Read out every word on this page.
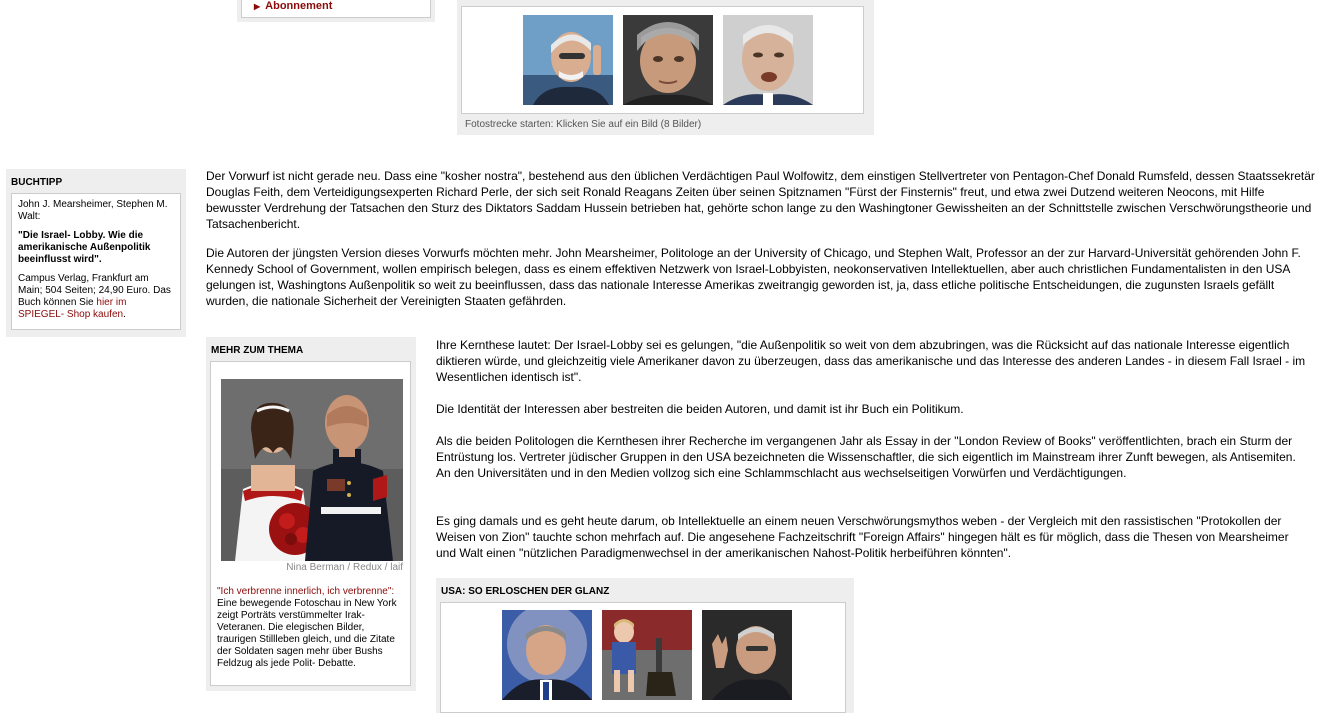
▶ Abonnement
Fotostrecke starten: Klicken Sie auf ein Bild (8 Bilder)
BUCHTIPP

John J. Mearsheimer, Stephen M. Walt:

"Die Israel- Lobby. Wie die amerikanische Außenpolitik beeinflusst wird".

Campus Verlag, Frankfurt am Main; 504 Seiten; 24,90 Euro. Das Buch können Sie hier im SPIEGEL- Shop kaufen.

Der Vorwurf ist nicht gerade neu. Dass eine "kosher nostra", bestehend aus den üblichen Verdächtigen Paul Wolfowitz, dem einstigen Stellvertreter von Pentagon-Chef Donald Rumsfeld, dessen Staatssekretär Douglas Feith, dem Verteidigungsexperten Richard Perle, der sich seit Ronald Reagans Zeiten über seinen Spitznamen "Fürst der Finsternis" freut, und etwa zwei Dutzend weiteren Neocons, mit Hilfe bewusster Verdrehung der Tatsachen den Sturz des Diktators Saddam Hussein betrieben hat, gehörte schon lange zu den Washingtoner Gewissheiten an der Schnittstelle zwischen Verschwörungstheorie und Tatsachenbericht.

Die Autoren der jüngsten Version dieses Vorwurfs möchten mehr. John Mearsheimer, Politologe an der University of Chicago, und Stephen Walt, Professor an der zur Harvard-Universität gehörenden John F. Kennedy School of Government, wollen empirisch belegen, dass es einem effektiven Netzwerk von Israel-Lobbyisten, neokonservativen Intellektuellen, aber auch christlichen Fundamentalisten in den USA gelungen ist, Washingtons Außenpolitik so weit zu beeinflussen, dass das nationale Interesse Amerikas zweitrangig geworden ist, ja, dass etliche politische Entscheidungen, die zugunsten Israels gefällt wurden, die nationale Sicherheit der Vereinigten Staaten gefährden.

Ihre Kernthese lautet: Der Israel-Lobby sei es gelungen, "die Außenpolitik so weit von dem abzubringen, was die Rücksicht auf das nationale Interesse eigentlich diktieren würde, und gleichzeitig viele Amerikaner davon zu überzeugen, dass das amerikanische und das Interesse des anderen Landes - in diesem Fall Israel - im Wesentlichen identisch ist".

Die Identität der Interessen aber bestreiten die beiden Autoren, und damit ist ihr Buch ein Politikum.

Als die beiden Politologen die Kernthesen ihrer Recherche im vergangenen Jahr als Essay in der "London Review of Books" veröffentlichten, brach ein Sturm der Entrüstung los. Vertreter jüdischer Gruppen in den USA bezeichneten die Wissenschaftler, die sich eigentlich im Mainstream ihrer Zunft bewegen, als Antisemiten. An den Universitäten und in den Medien vollzog sich eine Schlammschlacht aus wechselseitigen Vorwürfen und Verdächtigungen.

Es ging damals und es geht heute darum, ob Intellektuelle an einem neuen Verschwörungsmythos weben - der Vergleich mit den rassistischen "Protokollen der Weisen von Zion" tauchte schon mehrfach auf. Die angesehene Fachzeitschrift "Foreign Affairs" hingegen hält es für möglich, dass die Thesen von Mearsheimer und Walt einen "nützlichen Paradigmenwechsel in der amerikanischen Nahost-Politik herbeiführen könnten".

MEHR ZUM THEMA
Nina Berman / Redux / laif
"Ich verbrenne innerlich, ich verbrenne": Eine bewegende Fotoschau in New York zeigt Porträts verstümmelter Irak- Veteranen. Die elegischen Bilder, traurigen Stillleben gleich, und die Zitate der Soldaten sagen mehr über Bushs Feldzug als jede Polit- Debatte.
USA: SO ERLOSCHEN DER GLANZ
